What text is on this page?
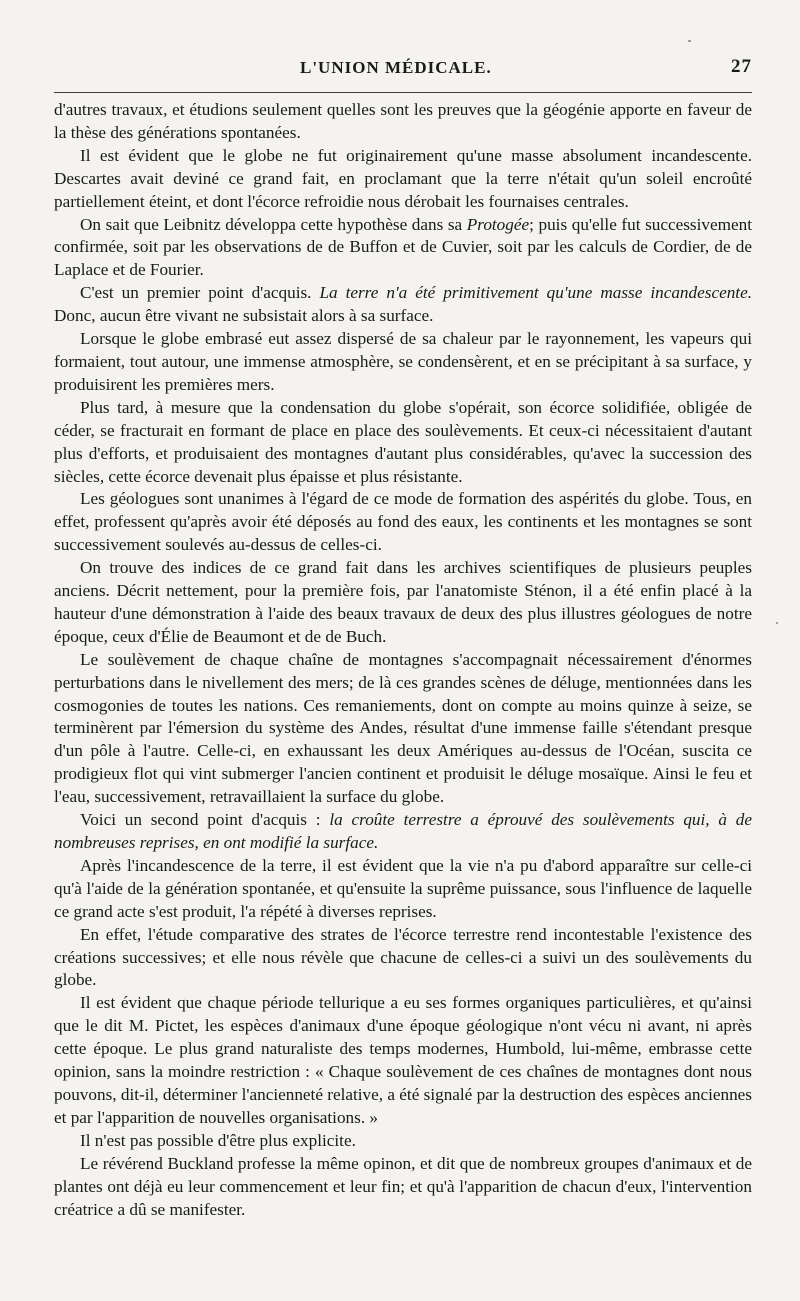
L'UNION MÉDICALE.	27

d'autres travaux, et étudions seulement quelles sont les preuves que la géogénie apporte en faveur de la thèse des générations spontanées.

Il est évident que le globe ne fut originairement qu'une masse absolument incandescente. Descartes avait deviné ce grand fait, en proclamant que la terre n'était qu'un soleil encroûté partiellement éteint, et dont l'écorce refroidie nous dérobait les fournaises centrales.

On sait que Leibnitz développa cette hypothèse dans sa Protogée; puis qu'elle fut successivement confirmée, soit par les observations de de Buffon et de Cuvier, soit par les calculs de Cordier, de de Laplace et de Fourier.

C'est un premier point d'acquis. La terre n'a été primitivement qu'une masse incandescente. Donc, aucun être vivant ne subsistait alors à sa surface.

Lorsque le globe embrasé eut assez dispersé de sa chaleur par le rayonnement, les vapeurs qui formaient, tout autour, une immense atmosphère, se condensèrent, et en se précipitant à sa surface, y produisirent les premières mers.

Plus tard, à mesure que la condensation du globe s'opérait, son écorce solidifiée, obligée de céder, se fracturait en formant de place en place des soulèvements. Et ceux-ci nécessitaient d'autant plus d'efforts, et produisaient des montagnes d'autant plus considérables, qu'avec la succession des siècles, cette écorce devenait plus épaisse et plus résistante.

Les géologues sont unanimes à l'égard de ce mode de formation des aspérités du globe. Tous, en effet, professent qu'après avoir été déposés au fond des eaux, les continents et les montagnes se sont successivement soulevés au-dessus de celles-ci.

On trouve des indices de ce grand fait dans les archives scientifiques de plusieurs peuples anciens. Décrit nettement, pour la première fois, par l'anatomiste Sténon, il a été enfin placé à la hauteur d'une démonstration à l'aide des beaux travaux de deux des plus illustres géologues de notre époque, ceux d'Élie de Beaumont et de de Buch.

Le soulèvement de chaque chaîne de montagnes s'accompagnait nécessairement d'énormes perturbations dans le nivellement des mers; de là ces grandes scènes de déluge, mentionnées dans les cosmogonies de toutes les nations. Ces remaniements, dont on compte au moins quinze à seize, se terminèrent par l'émersion du système des Andes, résultat d'une immense faille s'étendant presque d'un pôle à l'autre. Celle-ci, en exhaussant les deux Amériques au-dessus de l'Océan, suscita ce prodigieux flot qui vint submerger l'ancien continent et produisit le déluge mosaïque. Ainsi le feu et l'eau, successivement, retravaillaient la surface du globe.

Voici un second point d'acquis : la croûte terrestre a éprouvé des soulèvements qui, à de nombreuses reprises, en ont modifié la surface.

Après l'incandescence de la terre, il est évident que la vie n'a pu d'abord apparaître sur celle-ci qu'à l'aide de la génération spontanée, et qu'ensuite la suprême puissance, sous l'influence de laquelle ce grand acte s'est produit, l'a répété à diverses reprises.

En effet, l'étude comparative des strates de l'écorce terrestre rend incontestable l'existence des créations successives; et elle nous révèle que chacune de celles-ci a suivi un des soulèvements du globe.

Il est évident que chaque période tellurique a eu ses formes organiques particulières, et qu'ainsi que le dit M. Pictet, les espèces d'animaux d'une époque géologique n'ont vécu ni avant, ni après cette époque. Le plus grand naturaliste des temps modernes, Humbold, lui-même, embrasse cette opinion, sans la moindre restriction : « Chaque soulèvement de ces chaînes de montagnes dont nous pouvons, dit-il, déterminer l'ancienneté relative, a été signalé par la destruction des espèces anciennes et par l'apparition de nouvelles organisations. »

Il n'est pas possible d'être plus explicite.

Le révérend Buckland professe la même opinon, et dit que de nombreux groupes d'animaux et de plantes ont déjà eu leur commencement et leur fin; et qu'à l'apparition de chacun d'eux, l'intervention créatrice a dû se manifester.
